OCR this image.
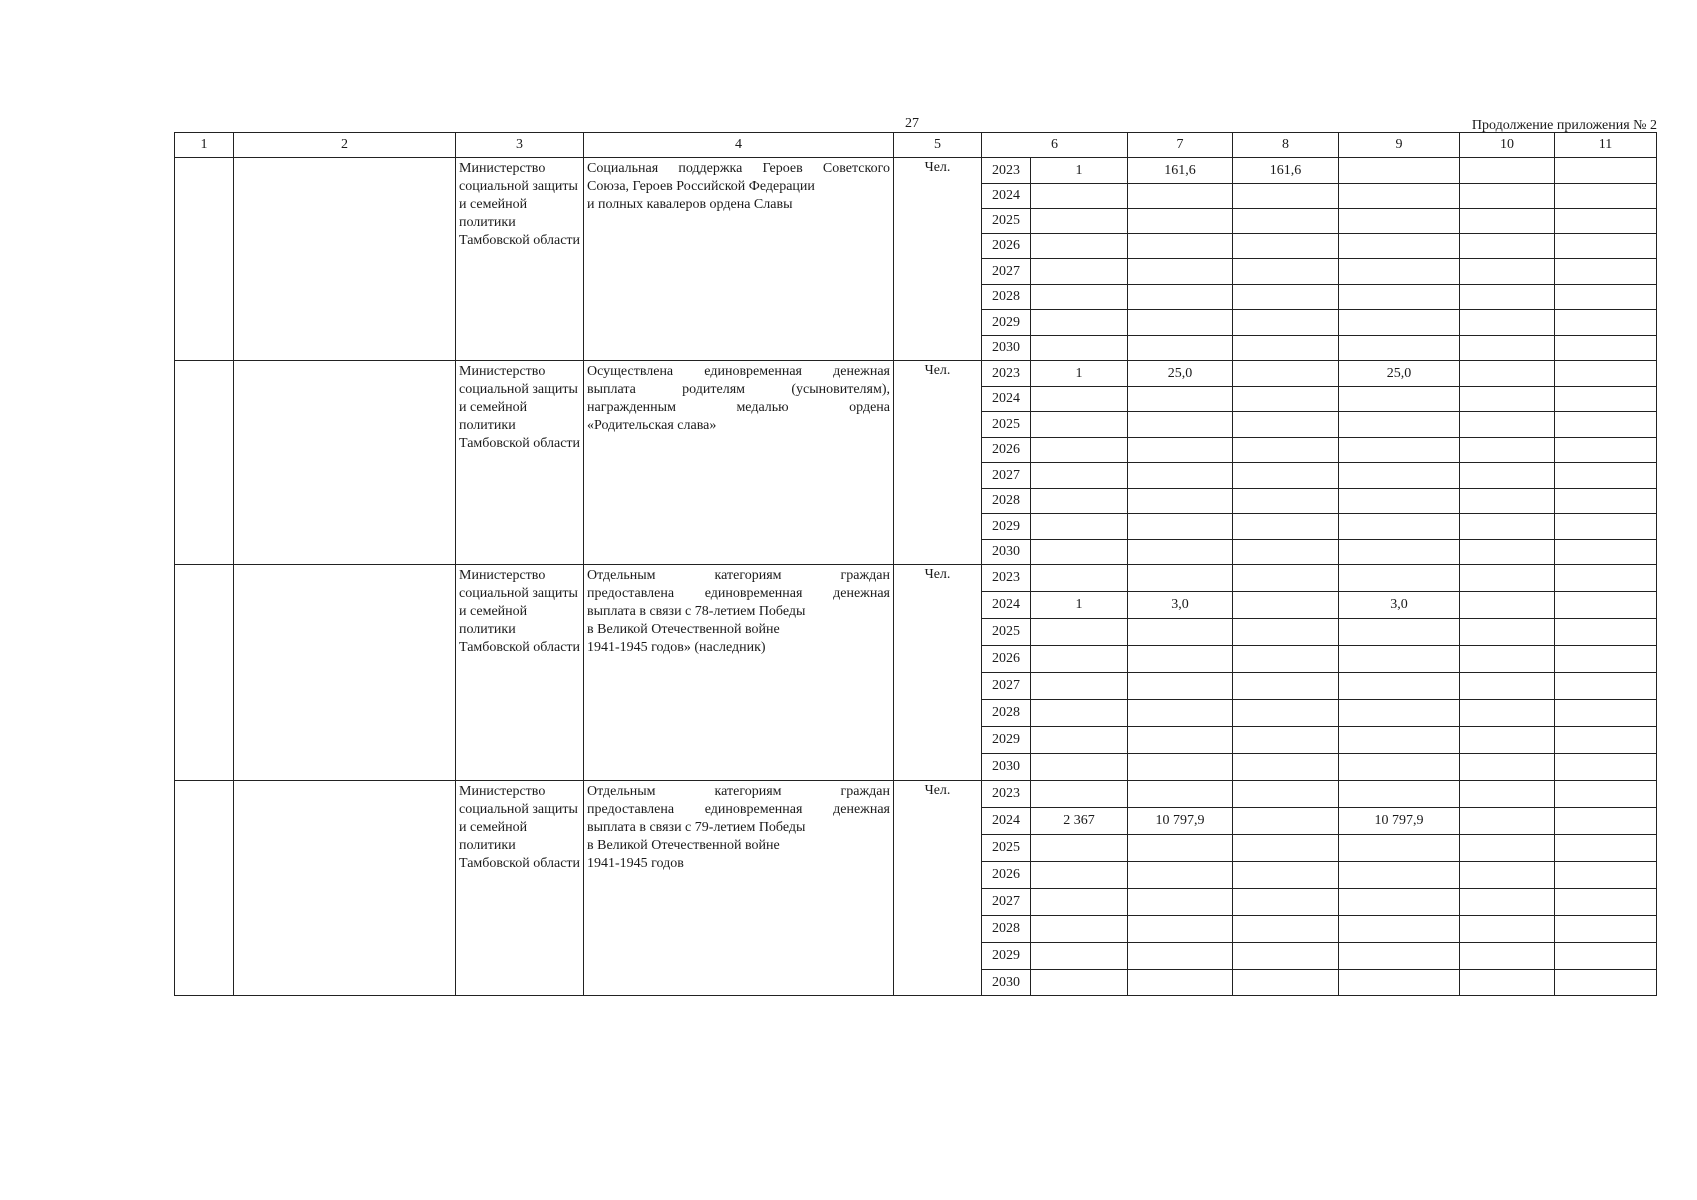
27	Продолжение приложения № 2
1	2	3	4	5	6		7	8	9	10	11
		Министерство социальной защиты и семейной политики Тамбовской области	Социальная поддержка Героев Советского
Союза, Героев Российской Федерации
и полных кавалеров ордена Славы	Чел.	2023	1	161,6	161,6			
					2024						
					2025						
					2026						
					2027						
					2028						
					2029						
					2030						
		Министерство социальной защиты и семейной политики Тамбовской области	Осуществлена единовременная денежная
выплата родителям (усыновителям),
награжденным медалью ордена
«Родительская слава»	Чел.	2023	1	25,0		25,0		
					2024						
					2025						
					2026						
					2027						
					2028						
					2029						
					2030						
		Министерство социальной защиты и семейной политики Тамбовской области	Отдельным категориям граждан
предоставлена единовременная денежная
выплата в связи с 78-летием Победы
в Великой Отечественной войне
1941-1945 годов» (наследник)	Чел.	2023						
					2024	1	3,0		3,0		
					2025						
					2026						
					2027						
					2028						
					2029						
					2030						
		Министерство социальной защиты и семейной политики Тамбовской области	Отдельным категориям граждан
предоставлена единовременная денежная
выплата в связи с 79-летием Победы
в Великой Отечественной войне
1941-1945 годов	Чел.	2023						
					2024	2 367	10 797,9		10 797,9		
					2025						
					2026						
					2027						
					2028						
					2029						
					2030						
